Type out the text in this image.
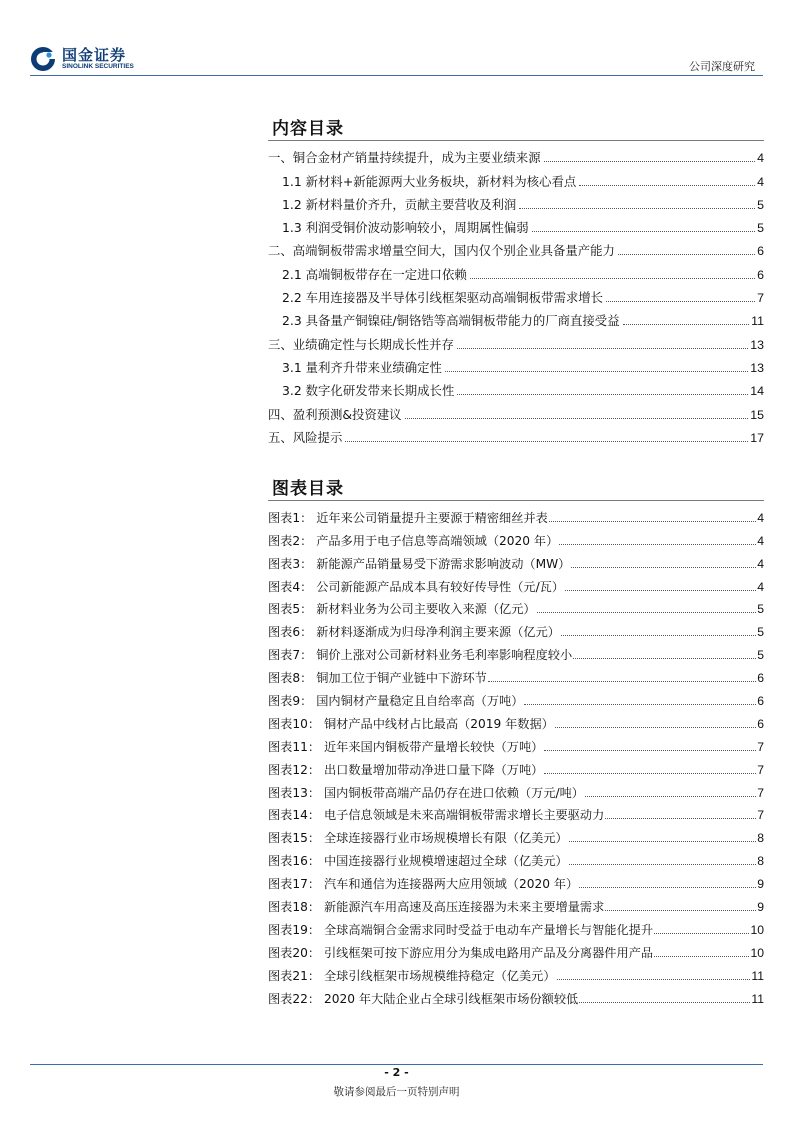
国金证券
SINOLINK SECURITIES	公司深度研究
内容目录
一、铜合金材产销量持续提升，成为主要业绩来源	4
1.1 新材料+新能源两大业务板块，新材料为核心看点	4
1.2 新材料量价齐升，贡献主要营收及利润	5
1.3 利润受铜价波动影响较小，周期属性偏弱	5
二、高端铜板带需求增量空间大，国内仅个别企业具备量产能力	6
2.1 高端铜板带存在一定进口依赖	6
2.2 车用连接器及半导体引线框架驱动高端铜板带需求增长	7
2.3 具备量产铜镍硅/铜铬锆等高端铜板带能力的厂商直接受益	11
三、业绩确定性与长期成长性并存	13
3.1 量利齐升带来业绩确定性	13
3.2 数字化研发带来长期成长性	14
四、盈利预测&投资建议	15
五、风险提示	17
图表目录
图表1： 近年来公司销量提升主要源于精密细丝并表	4
图表2： 产品多用于电子信息等高端领域（2020 年）	4
图表3： 新能源产品销量易受下游需求影响波动（MW）	4
图表4： 公司新能源产品成本具有较好传导性（元/瓦）	4
图表5： 新材料业务为公司主要收入来源（亿元）	5
图表6： 新材料逐渐成为归母净利润主要来源（亿元）	5
图表7： 铜价上涨对公司新材料业务毛利率影响程度较小	5
图表8： 铜加工位于铜产业链中下游环节	6
图表9： 国内铜材产量稳定且自给率高（万吨）	6
图表10： 铜材产品中线材占比最高（2019 年数据）	6
图表11： 近年来国内铜板带产量增长较快（万吨）	7
图表12： 出口数量增加带动净进口量下降（万吨）	7
图表13： 国内铜板带高端产品仍存在进口依赖（万元/吨）	7
图表14： 电子信息领域是未来高端铜板带需求增长主要驱动力	7
图表15： 全球连接器行业市场规模增长有限（亿美元）	8
图表16： 中国连接器行业规模增速超过全球（亿美元）	8
图表17： 汽车和通信为连接器两大应用领域（2020 年）	9
图表18： 新能源汽车用高速及高压连接器为未来主要增量需求	9
图表19： 全球高端铜合金需求同时受益于电动车产量增长与智能化提升	10
图表20： 引线框架可按下游应用分为集成电路用产品及分离器件用产品	10
图表21： 全球引线框架市场规模维持稳定（亿美元）	11
图表22： 2020 年大陆企业占全球引线框架市场份额较低	11
- 2 -
敬请参阅最后一页特别声明
